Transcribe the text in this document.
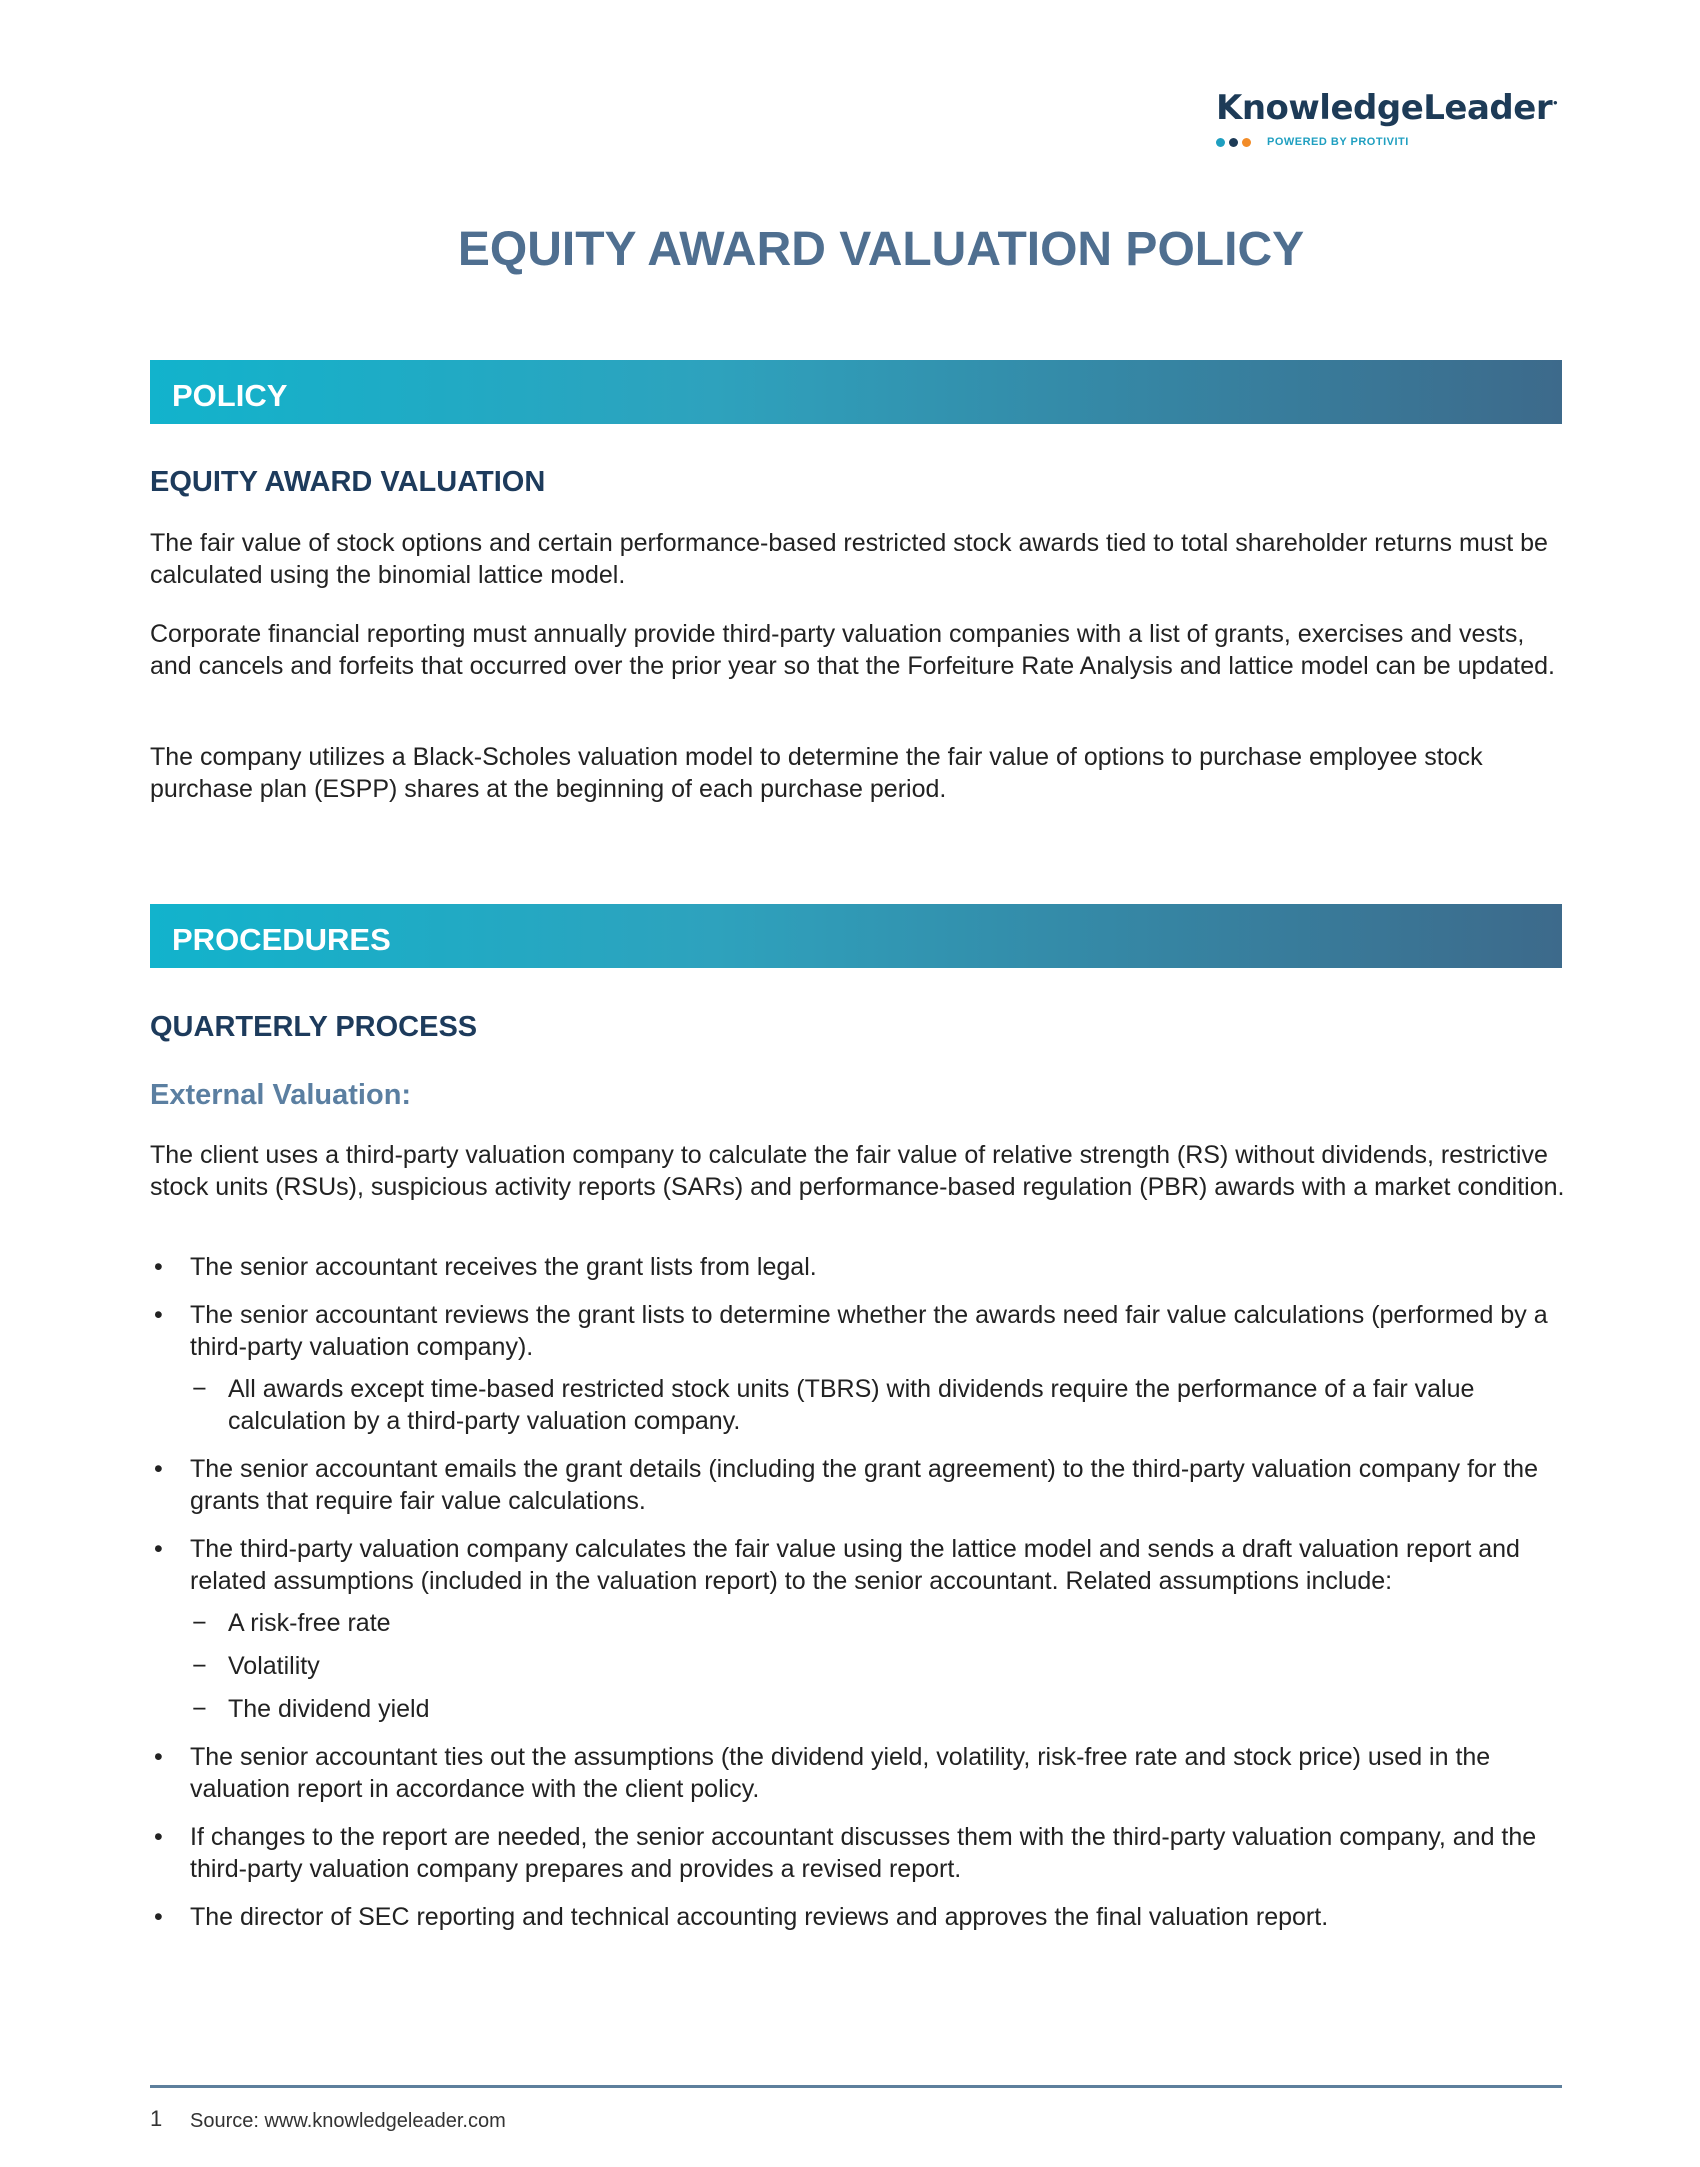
KnowledgeLeader•
POWERED BY PROTIVITI
EQUITY AWARD VALUATION POLICY
POLICY
EQUITY AWARD VALUATION

The fair value of stock options and certain performance-based restricted stock awards tied to total shareholder returns must be calculated using the binomial lattice model.

Corporate financial reporting must annually provide third-party valuation companies with a list of grants, exercises and vests, and cancels and forfeits that occurred over the prior year so that the Forfeiture Rate Analysis and lattice model can be updated.

The company utilizes a Black-Scholes valuation model to determine the fair value of options to purchase employee stock purchase plan (ESPP) shares at the beginning of each purchase period.

PROCEDURES
QUARTERLY PROCESS
External Valuation:

The client uses a third-party valuation company to calculate the fair value of relative strength (RS) without dividends, restrictive stock units (RSUs), suspicious activity reports (SARs) and performance-based regulation (PBR) awards with a market condition.

• The senior accountant receives the grant lists from legal.
• The senior accountant reviews the grant lists to determine whether the awards need fair value calculations (performed by a third-party valuation company).
− All awards except time-based restricted stock units (TBRS) with dividends require the performance of a fair value calculation by a third-party valuation company.
• The senior accountant emails the grant details (including the grant agreement) to the third-party valuation company for the grants that require fair value calculations.
• The third-party valuation company calculates the fair value using the lattice model and sends a draft valuation report and related assumptions (included in the valuation report) to the senior accountant. Related assumptions include:
− A risk-free rate
− Volatility
− The dividend yield
• The senior accountant ties out the assumptions (the dividend yield, volatility, risk-free rate and stock price) used in the valuation report in accordance with the client policy.
• If changes to the report are needed, the senior accountant discusses them with the third-party valuation company, and the third-party valuation company prepares and provides a revised report.
• The director of SEC reporting and technical accounting reviews and approves the final valuation report.
1 Source: www.knowledgeleader.com
